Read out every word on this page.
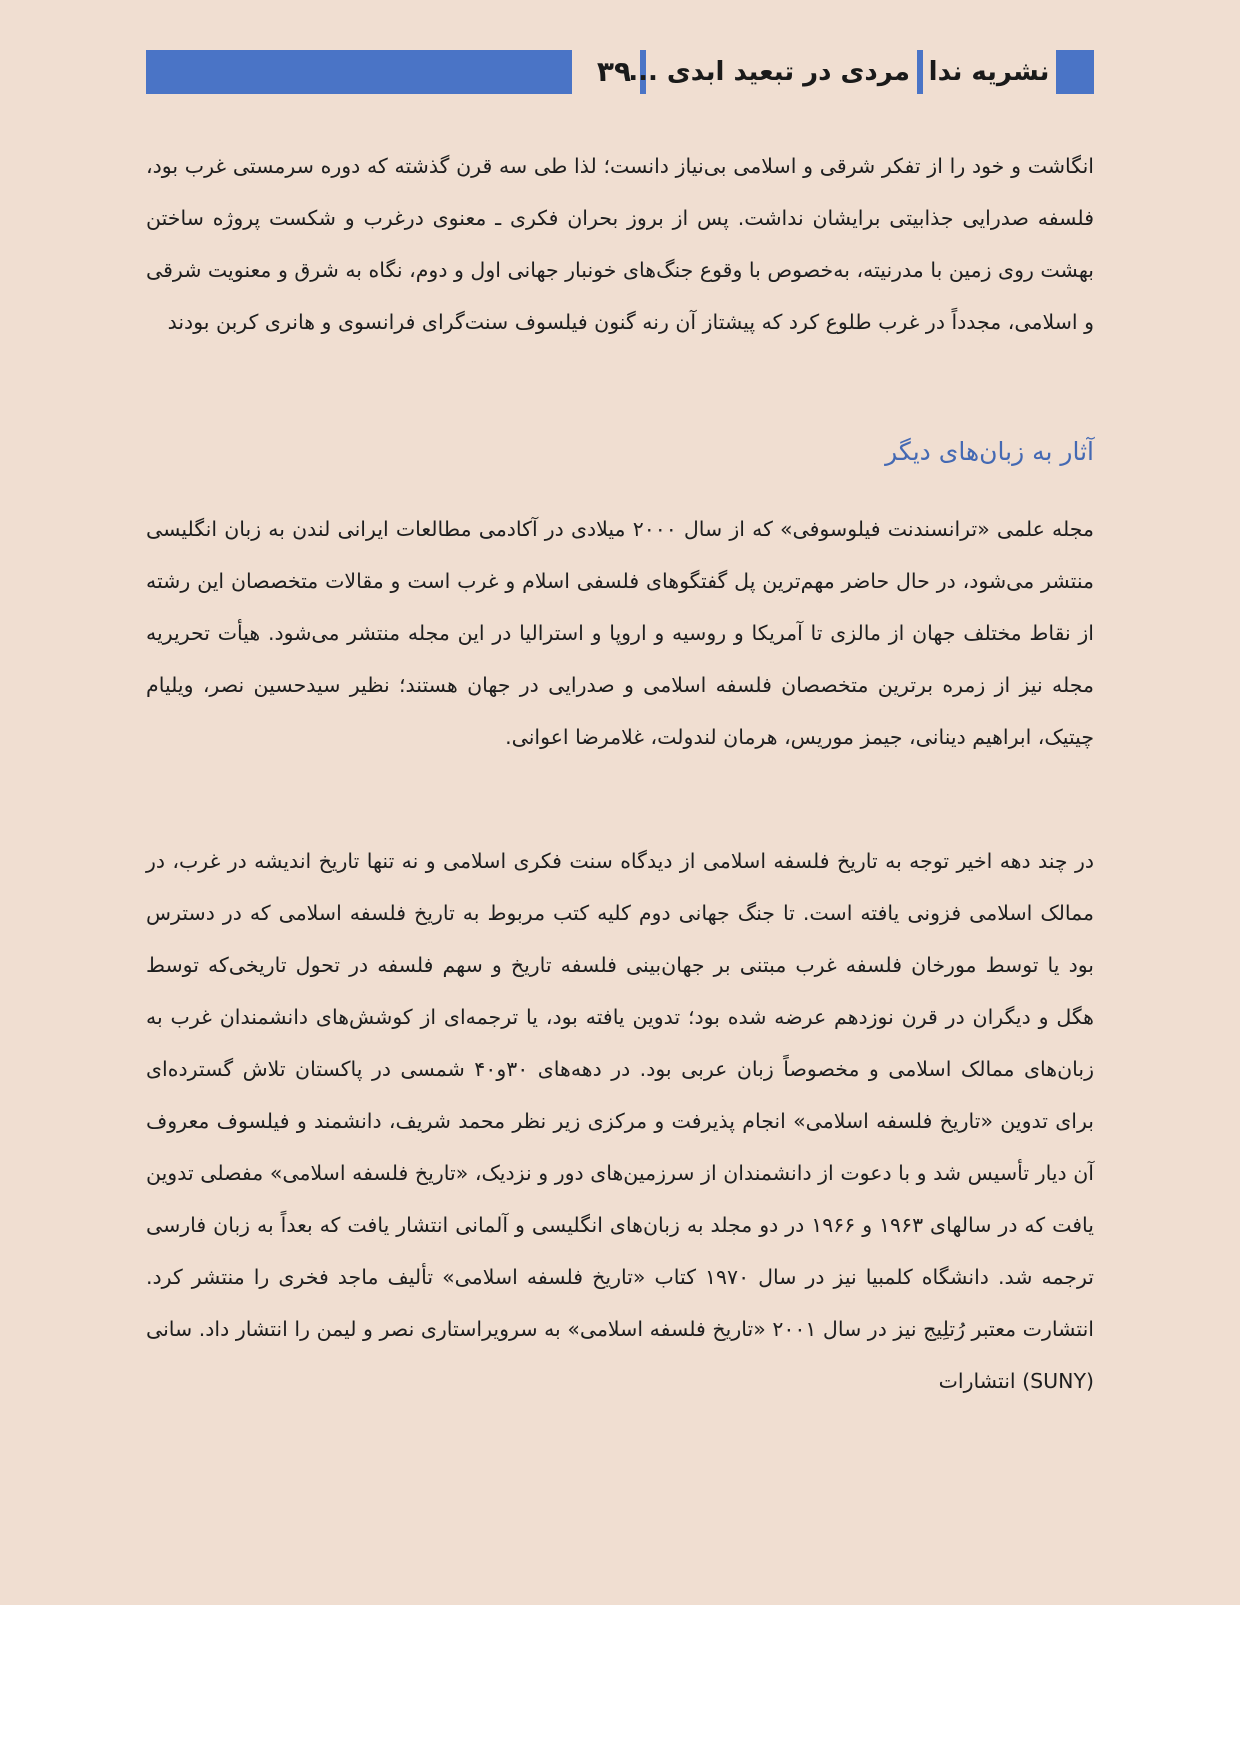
۳۹
مردی در تبعید ابدی ... نشریه ندا

انگاشت و خود را از تفکر شرقی و اسلامی بی‌نیاز دانست؛ لذا طی سه قرن گذشته که دوره سرمستی غرب بود، فلسفه صدرایی جذابیتی برایشان نداشت. پس از بروز بحران فکری ـ معنوی درغرب و شکست پروژه ساختن بهشت روی زمین با مدرنیته، به‌خصوص با وقوع جنگ‌های خونبار جهانی اول و دوم، نگاه به شرق و معنویت شرقی و اسلامی، مجدداً در غرب طلوع کرد که پیشتاز آن رنه گنون فیلسوف سنت‌گرای فرانسوی و هانری کربن بودند

آثار به زبان‌های دیگر

مجله علمی «ترانسندنت فیلوسوفی» که از سال ۲۰۰۰ میلادی در آکادمی مطالعات ایرانی لندن به زبان انگلیسی منتشر می‌شود، در حال حاضر مهم‌ترین پل گفتگوهای فلسفی اسلام و غرب است و مقالات متخصصان این رشته از نقاط مختلف جهان از مالزی تا آمریکا و روسیه و اروپا و استرالیا در این مجله منتشر می‌شود. هیأت تحریریه مجله نیز از زمره برترین متخصصان فلسفه اسلامی و صدرایی در جهان هستند؛ نظیر سیدحسین نصر، ویلیام چیتیک، ابراهیم دینانی، جیمز موریس، هرمان لندولت، غلامرضا اعوانی.

در چند دهه اخیر توجه به تاریخ فلسفه اسلامی از دیدگاه سنت فکری اسلامی و نه تنها تاریخ اندیشه در غرب، در ممالک اسلامی فزونی یافته است. تا جنگ جهانی دوم کلیه کتب مربوط به تاریخ فلسفه اسلامی که در دسترس بود یا توسط مورخان فلسفه غرب مبتنی بر جهان‌بینی فلسفه تاریخ و سهم فلسفه در تحول تاریخی‌که توسط هگل و دیگران در قرن نوزدهم عرضه شده بود؛ تدوین یافته بود، یا ترجمه‌ای از کوشش‌های دانشمندان غرب به زبان‌های ممالک اسلامی و مخصوصاً زبان عربی بود. در دهه‌های ۳۰و۴۰ شمسی در پاکستان تلاش گسترده‌ای برای تدوین «تاریخ فلسفه اسلامی» انجام پذیرفت و مرکزی زیر نظر محمد شریف، دانشمند و فیلسوف معروف آن دیار تأسیس شد و با دعوت از دانشمندان از سرزمین‌های دور و نزدیک، «تاریخ فلسفه اسلامی» مفصلی تدوین یافت که در سالهای ۱۹۶۳ و ۱۹۶۶ در دو مجلد به زبان‌های انگلیسی و آلمانی انتشار یافت که بعداً به زبان فارسی ترجمه شد. دانشگاه کلمبیا نیز در سال ۱۹۷۰ کتاب «تاریخ فلسفه اسلامی» تألیف ماجد فخری را منتشر کرد. انتشارت معتبر رُتلِیج نیز در سال ۲۰۰۱ «تاریخ فلسفه اسلامی» به سرویراستاری نصر و لیمن را انتشار داد. سانی (SUNY) انتشارات
